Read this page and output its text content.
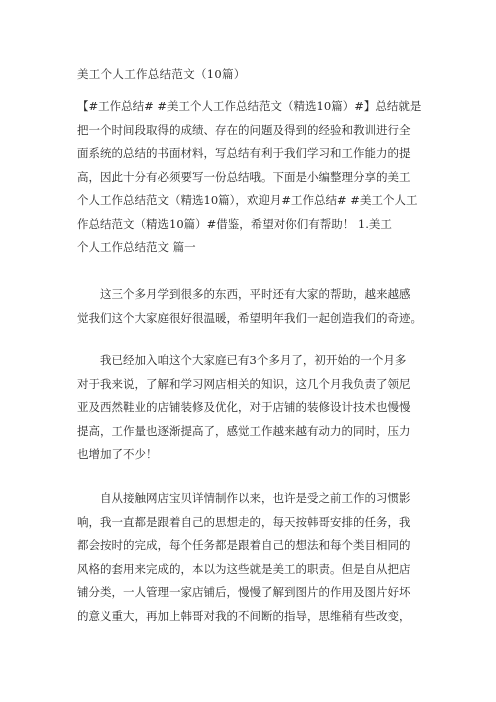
美工个人工作总结范文（10篇）
【#工作总结# #美工个人工作总结范文（精选10篇）#】总结就是
把一个时间段取得的成绩、存在的问题及得到的经验和教训进行全
面系统的总结的书面材料，写总结有利于我们学习和工作能力的提
高，因此十分有必须要写一份总结哦。下面是小编整理分享的美工
个人工作总结范文（精选10篇），欢迎月#工作总结# #美工个人工
作总结范文（精选10篇）#借鉴，希望对你们有帮助！ 1.美工
个人工作总结范文 篇一
这三个多月学到很多的东西，平时还有大家的帮助，越来越感
觉我们这个大家庭很好很温暖，希望明年我们一起创造我们的奇迹。
我已经加入咱这个大家庭已有3个多月了，初开始的一个月多
对于我来说，了解和学习网店相关的知识，这几个月我负责了领尼
亚及西然鞋业的店铺装修及优化，对于店铺的装修设计技术也慢慢
提高，工作量也逐渐提高了，感觉工作越来越有动力的同时，压力
也增加了不少！
自从接触网店宝贝详情制作以来，也许是受之前工作的习惯影
响，我一直都是跟着自己的思想走的，每天按韩哥安排的任务，我
都会按时的完成，每个任务都是跟着自己的想法和每个类目相同的
风格的套用来完成的，本以为这些就是美工的职责。但是自从把店
铺分类，一人管理一家店铺后，慢慢了解到图片的作用及图片好坏
的意义重大，再加上韩哥对我的不间断的指导，思维稍有些改变，
